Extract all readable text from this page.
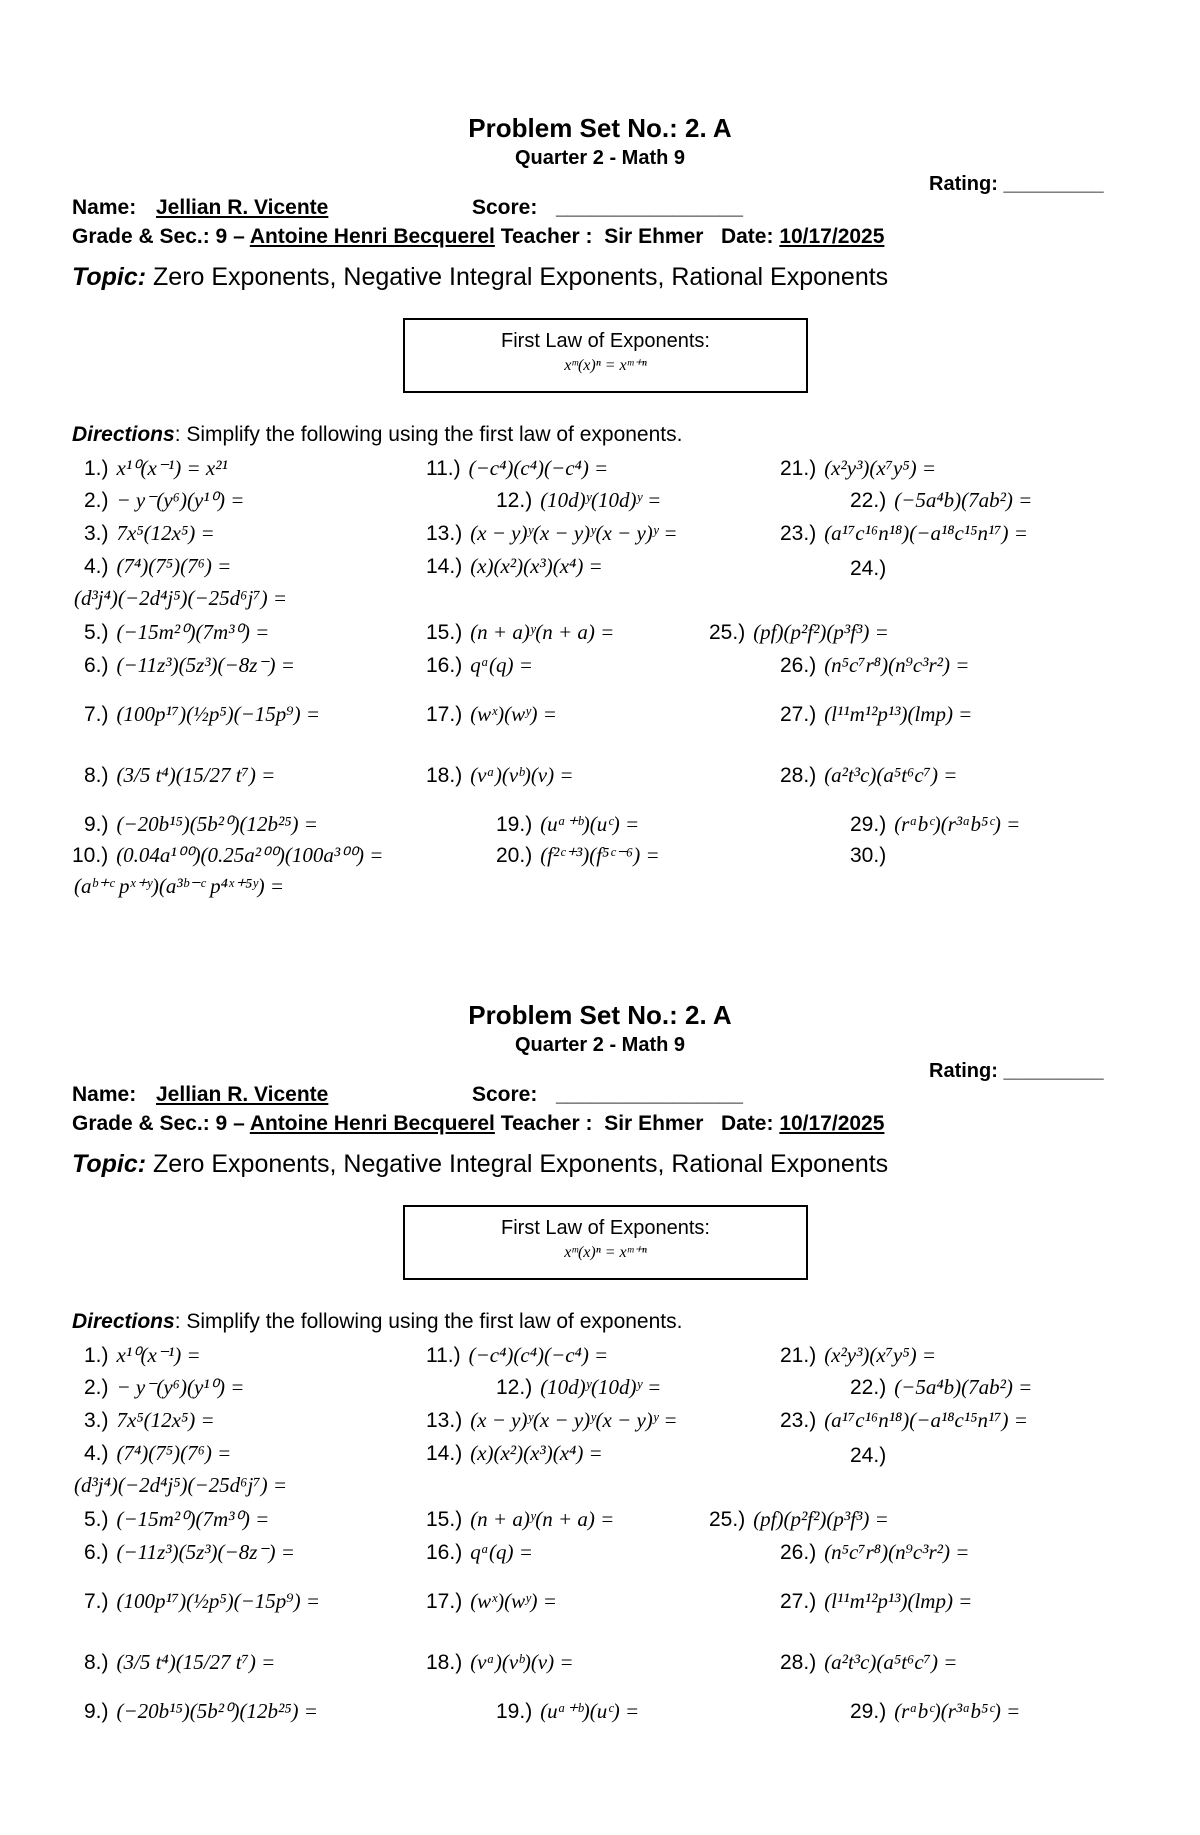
Problem Set No.: 2. A
Quarter 2 - Math 9
Rating: _________
Name: Jellian R. Vicente	Score: ________________
Grade & Sec.: 9 – Antoine Henri Becquerel Teacher : Sir Ehmer Date: 10/17/2025
Topic: Zero Exponents, Negative Integral Exponents, Rational Exponents
First Law of Exponents:
xᵐ(x)ⁿ = xᵐ⁺ⁿ
Directions: Simplify the following using the first law of exponents.
1.) x¹⁰(x⁻¹) = x²¹
2.) − y⁻(y⁶)(y¹⁰) =
3.) 7x⁵(12x⁵) =
4.) (7⁴)(7⁵)(7⁶) =
(d³j⁴)(−2d⁴j⁵)(−25d⁶j⁷) =
5.) (−15m²⁰)(7m³⁰) =
6.) (−11z³)(5z³)(−8z⁻) =
7.) (100p¹⁷)(½p⁵)(−15p⁹) =
8.) (3/5 t⁴)(15/27 t⁷) =
9.) (−20b¹⁵)(5b²⁰)(12b²⁵) =
10.) (0.04a¹⁰⁰)(0.25a²⁰⁰)(100a³⁰⁰) =
(aᵇ⁺ᶜ pˣ⁺ʸ)(a³ᵇ⁻ᶜ p⁴ˣ⁺⁵ʸ) =
11.) (−c⁴)(c⁴)(−c⁴) =
12.) (10d)ʸ(10d)ʸ =
13.) (x − y)ʸ(x − y)ʸ(x − y)ʸ =
14.) (x)(x²)(x³)(x⁴) =
15.) (n + a)ʸ(n + a) =
16.) qᵃ(q) =
17.) (wˣ)(wʸ) =
18.) (vᵃ)(vᵇ)(v) =
19.) (uᵃ⁺ᵇ)(uᶜ) =
20.) (f²ᶜ⁺³)(f⁵ᶜ⁻⁶) =
21.) (x²y³)(x⁷y⁵) =
22.) (−5a⁴b)(7ab²) =
23.) (a¹⁷c¹⁶n¹⁸)(−a¹⁸c¹⁵n¹⁷) =
24.)
25.) (pf)(p²f²)(p³f³) =
26.) (n⁵c⁷r⁸)(n⁹c³r²) =
27.) (l¹¹m¹²p¹³)(lmp) =
28.) (a²t³c)(a⁵t⁶c⁷) =
29.) (rᵃbᶜ)(r³ᵃb⁵ᶜ) =
30.)
Problem Set No.: 2. A
Quarter 2 - Math 9
Rating: _________
Name: Jellian R. Vicente	Score: ________________
Grade & Sec.: 9 – Antoine Henri Becquerel Teacher : Sir Ehmer Date: 10/17/2025
Topic: Zero Exponents, Negative Integral Exponents, Rational Exponents
First Law of Exponents:
xᵐ(x)ⁿ = xᵐ⁺ⁿ
Directions: Simplify the following using the first law of exponents.
1.) x¹⁰(x⁻¹) =
2.) − y⁻(y⁶)(y¹⁰) =
3.) 7x⁵(12x⁵) =
4.) (7⁴)(7⁵)(7⁶) =
(d³j⁴)(−2d⁴j⁵)(−25d⁶j⁷) =
5.) (−15m²⁰)(7m³⁰) =
6.) (−11z³)(5z³)(−8z⁻) =
7.) (100p¹⁷)(½p⁵)(−15p⁹) =
8.) (3/5 t⁴)(15/27 t⁷) =
9.) (−20b¹⁵)(5b²⁰)(12b²⁵) =
11.) (−c⁴)(c⁴)(−c⁴) =
12.) (10d)ʸ(10d)ʸ =
13.) (x − y)ʸ(x − y)ʸ(x − y)ʸ =
14.) (x)(x²)(x³)(x⁴) =
15.) (n + a)ʸ(n + a) =
16.) qᵃ(q) =
17.) (wˣ)(wʸ) =
18.) (vᵃ)(vᵇ)(v) =
19.) (uᵃ⁺ᵇ)(uᶜ) =
21.) (x²y³)(x⁷y⁵) =
22.) (−5a⁴b)(7ab²) =
23.) (a¹⁷c¹⁶n¹⁸)(−a¹⁸c¹⁵n¹⁷) =
24.)
25.) (pf)(p²f²)(p³f³) =
26.) (n⁵c⁷r⁸)(n⁹c³r²) =
27.) (l¹¹m¹²p¹³)(lmp) =
28.) (a²t³c)(a⁵t⁶c⁷) =
29.) (rᵃbᶜ)(r³ᵃb⁵ᶜ) =
